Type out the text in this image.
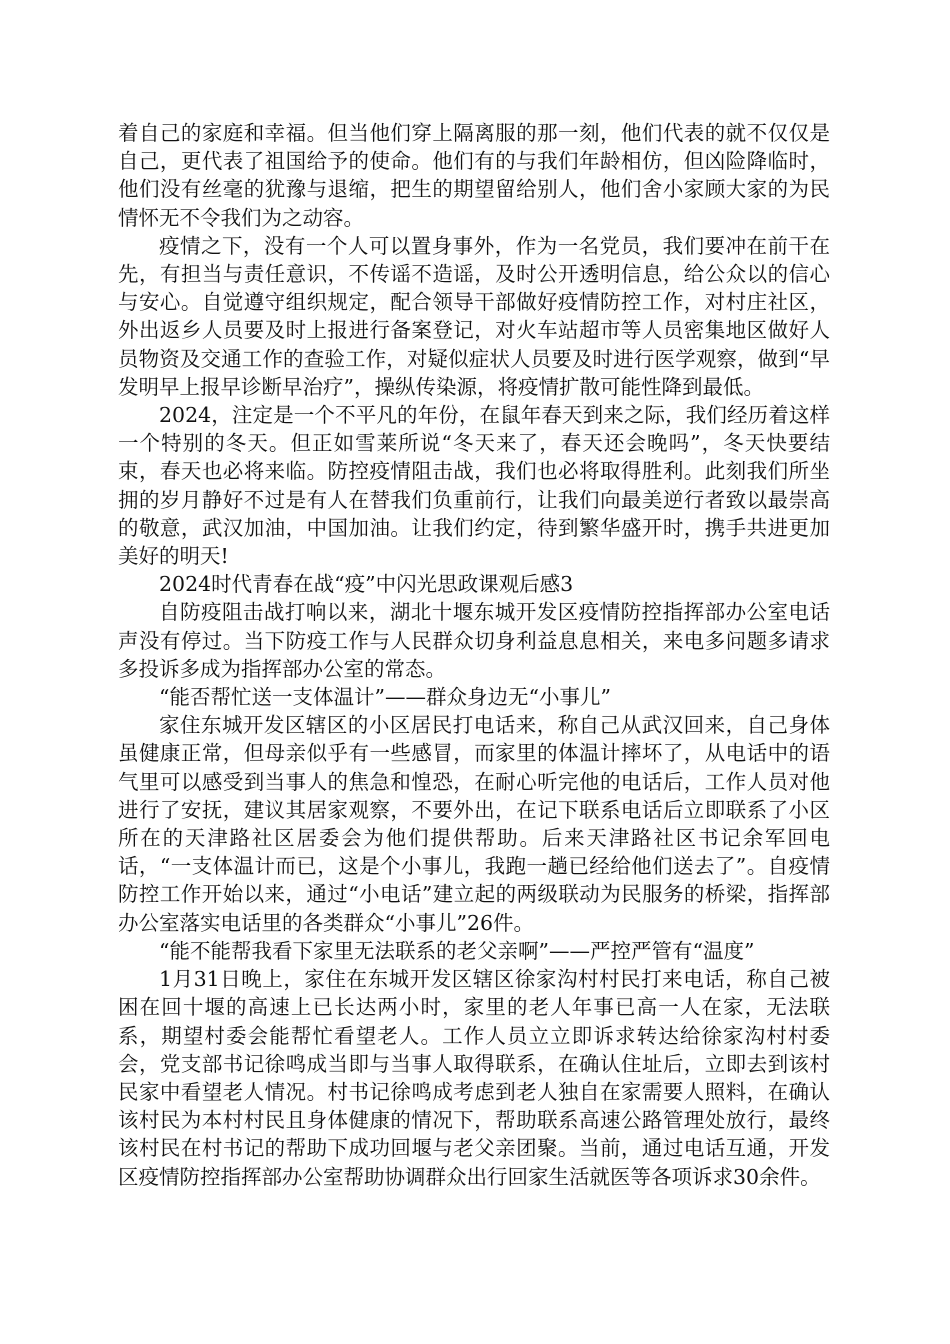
着自己的家庭和幸福。但当他们穿上隔离服的那一刻，他们代表的就不仅仅是自己，更代表了祖国给予的使命。他们有的与我们年龄相仿，但凶险降临时，他们没有丝毫的犹豫与退缩，把生的期望留给别人，他们舍小家顾大家的为民情怀无不令我们为之动容。

疫情之下，没有一个人可以置身事外，作为一名党员，我们要冲在前干在先，有担当与责任意识，不传谣不造谣，及时公开透明信息，给公众以的信心与安心。自觉遵守组织规定，配合领导干部做好疫情防控工作，对村庄社区，外出返乡人员要及时上报进行备案登记，对火车站超市等人员密集地区做好人员物资及交通工作的查验工作，对疑似症状人员要及时进行医学观察，做到“早发明早上报早诊断早治疗”，操纵传染源，将疫情扩散可能性降到最低。

2024，注定是一个不平凡的年份，在鼠年春天到来之际，我们经历着这样一个特别的冬天。但正如雪莱所说“冬天来了，春天还会晚吗”，冬天快要结束，春天也必将来临。防控疫情阻击战，我们也必将取得胜利。此刻我们所坐拥的岁月静好不过是有人在替我们负重前行，让我们向最美逆行者致以最崇高的敬意，武汉加油，中国加油。让我们约定，待到繁华盛开时，携手共进更加美好的明天!

2024时代青春在战“疫”中闪光思政课观后感3

自防疫阻击战打响以来，湖北十堰东城开发区疫情防控指挥部办公室电话声没有停过。当下防疫工作与人民群众切身利益息息相关，来电多问题多请求多投诉多成为指挥部办公室的常态。

“能否帮忙送一支体温计”——群众身边无“小事儿”

家住东城开发区辖区的小区居民打电话来，称自己从武汉回来，自己身体虽健康正常，但母亲似乎有一些感冒，而家里的体温计摔坏了，从电话中的语气里可以感受到当事人的焦急和惶恐，在耐心听完他的电话后，工作人员对他进行了安抚，建议其居家观察，不要外出，在记下联系电话后立即联系了小区所在的天津路社区居委会为他们提供帮助。后来天津路社区书记余军回电话，“一支体温计而已，这是个小事儿，我跑一趟已经给他们送去了”。自疫情防控工作开始以来，通过“小电话”建立起的两级联动为民服务的桥梁，指挥部办公室落实电话里的各类群众“小事儿”26件。

“能不能帮我看下家里无法联系的老父亲啊”——严控严管有“温度”

1月31日晚上，家住在东城开发区辖区徐家沟村村民打来电话，称自己被困在回十堰的高速上已长达两小时，家里的老人年事已高一人在家，无法联系，期望村委会能帮忙看望老人。工作人员立立即诉求转达给徐家沟村村委会，党支部书记徐鸣成当即与当事人取得联系，在确认住址后，立即去到该村民家中看望老人情况。村书记徐鸣成考虑到老人独自在家需要人照料，在确认该村民为本村村民且身体健康的情况下，帮助联系高速公路管理处放行，最终该村民在村书记的帮助下成功回堰与老父亲团聚。当前，通过电话互通，开发区疫情防控指挥部办公室帮助协调群众出行回家生活就医等各项诉求30余件。
